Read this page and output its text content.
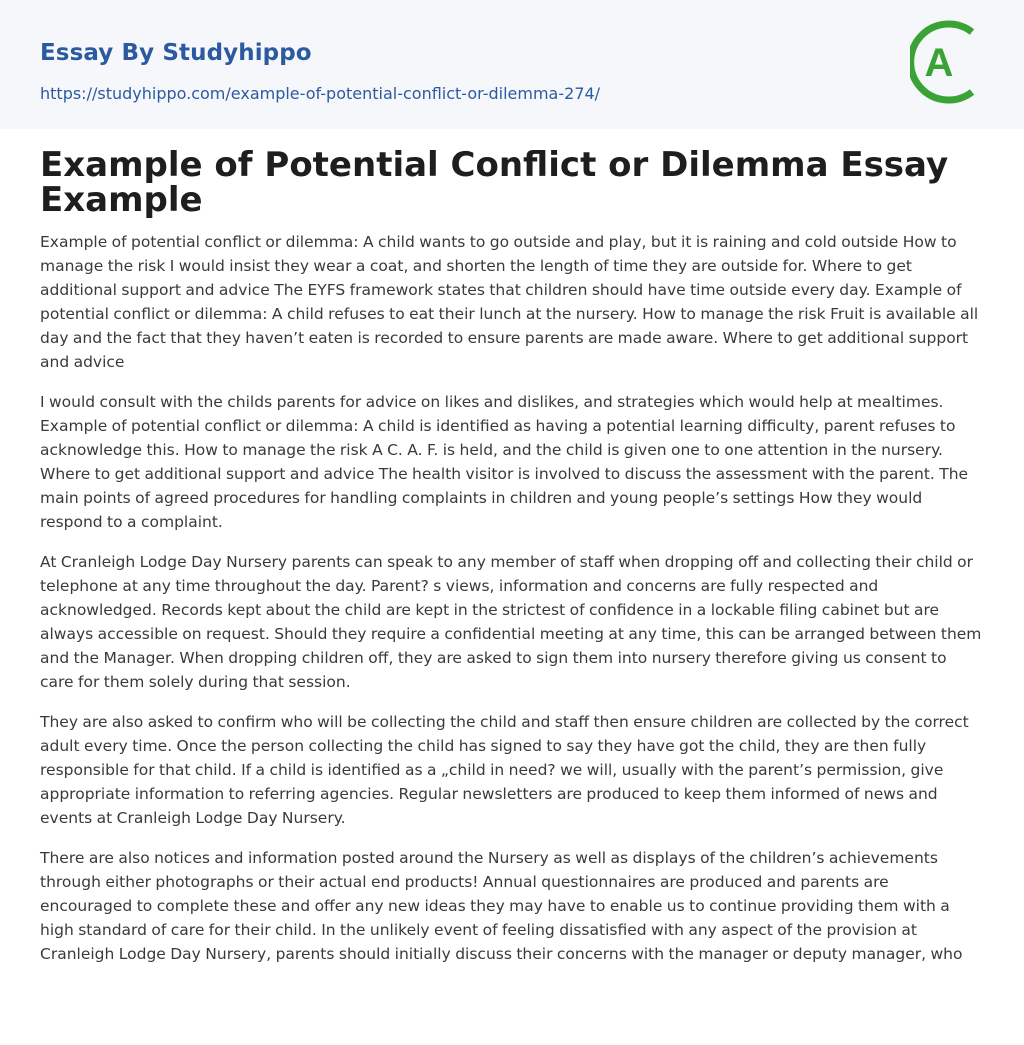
Essay By Studyhippo
https://studyhippo.com/example-of-potential-conflict-or-dilemma-274/
A
Example of Potential Conflict or Dilemma Essay Example

Example of potential conflict or dilemma: A child wants to go outside and play, but it is raining and cold outside How to manage the risk I would insist they wear a coat, and shorten the length of time they are outside for. Where to get additional support and advice The EYFS framework states that children should have time outside every day. Example of potential conflict or dilemma: A child refuses to eat their lunch at the nursery. How to manage the risk Fruit is available all day and the fact that they haven’t eaten is recorded to ensure parents are made aware. Where to get additional support and advice

I would consult with the childs parents for advice on likes and dislikes, and strategies which would help at mealtimes. Example of potential conflict or dilemma: A child is identified as having a potential learning difficulty, parent refuses to acknowledge this. How to manage the risk A C. A. F. is held, and the child is given one to one attention in the nursery. Where to get additional support and advice The health visitor is involved to discuss the assessment with the parent. The main points of agreed procedures for handling complaints in children and young people’s settings How they would respond to a complaint.

At Cranleigh Lodge Day Nursery parents can speak to any member of staff when dropping off and collecting their child or telephone at any time throughout the day. Parent? s views, information and concerns are fully respected and acknowledged. Records kept about the child are kept in the strictest of confidence in a lockable filing cabinet but are always accessible on request. Should they require a confidential meeting at any time, this can be arranged between them and the Manager. When dropping children off, they are asked to sign them into nursery therefore giving us consent to care for them solely during that session.

They are also asked to confirm who will be collecting the child and staff then ensure children are collected by the correct adult every time. Once the person collecting the child has signed to say they have got the child, they are then fully responsible for that child. If a child is identified as a „child in need? we will, usually with the parent’s permission, give appropriate information to referring agencies. Regular newsletters are produced to keep them informed of news and events at Cranleigh Lodge Day Nursery.

There are also notices and information posted around the Nursery as well as displays of the children’s achievements through either photographs or their actual end products! Annual questionnaires are produced and parents are encouraged to complete these and offer any new ideas they may have to enable us to continue providing them with a high standard of care for their child. In the unlikely event of feeling dissatisfied with any aspect of the provision at Cranleigh Lodge Day Nursery, parents should initially discuss their concerns with the manager or deputy manager, who
